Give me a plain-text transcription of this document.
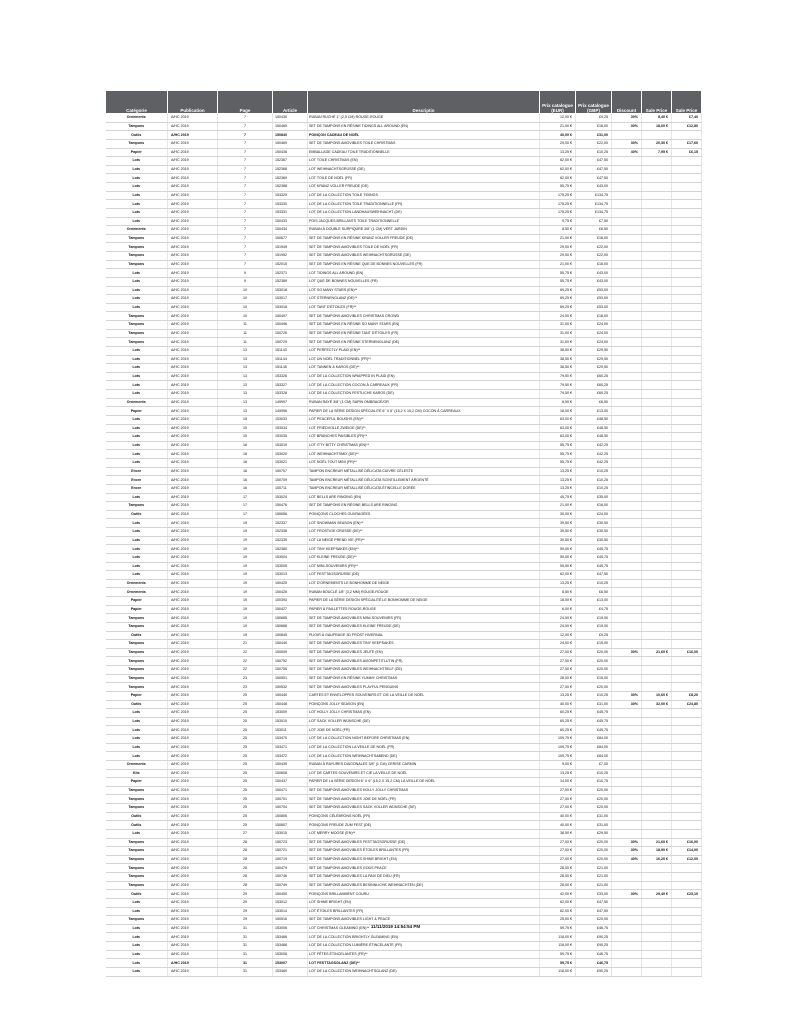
Catégorie	Publication	Page	Article	Descriptio	Prix catalogue (EUR)	Prix catalogue (GBP)	Discount	Sale Price	Sale Price
Ornements	A/HC 2019	7	150435	RUBAN RUCHÉ 1" (2,5 CM) ROUGE-ROUGE	12,00 €	£9,25	30%	8,40 €	£7,40
Tampons	A/HC 2019	7	150465	SET DE TAMPONS EN RÉSINE TIDINGS ALL AROUND (EN)	21,00 €	£16,00	30%	18,60 €	£12,80
Outils	A/HC 2019	7	150840	POINÇON CADEAU DE NOËL	40,00 €	£31,00			
Tampons	A/HC 2019	7	150469	SET DE TAMPONS AMOVIBLES TOILE CHRISTMAS	29,00 €	£22,00	30%	20,30 €	£17,60
Papier	A/HC 2019	7	150436	EMBALLAGE CADEAU TOILE TRADITIONNELLE	13,25 €	£10,25	40%	7,95 €	£6,15
Lots	A/HC 2019	7	152367	LOT TOILE CHRISTMAS (EN)	62,00 €	£47,50			
Lots	A/HC 2019	7	152368	LOT WEIHNACHTSGRÜSSE (DE)	62,00 €	£47,50			
Lots	A/HC 2019	7	152369	LOT TOILE DE NOËL (FR)	62,00 €	£47,50			
Lots	A/HC 2019	7	152388	LOT KRANZ VOLLER FREUDE (DE)	55,75 €	£43,00			
Lots	A/HC 2019	7	153329	LOT DE LA COLLECTION TOILE TIDINGS	175,25 €	£134,75			
Lots	A/HC 2019	7	153330	LOT DE LA COLLECTION TOILE TRADITIONNELLE (FR)	175,25 €	£134,75			
Lots	A/HC 2019	7	153331	LOT DE LA COLLECTION LANDHAUSWEIHNACHT (DE)	175,25 €	£134,75			
Lots	A/HC 2019	7	150433	POIS JACQUES BRILLANTS TOILE TRADITIONNELLE	9,75 €	£7,50			
Ornements	A/HC 2019	7	150434	RUBAN À DOUBLE SURPIQÛRE 3/8" (1 CM) VERT JARDIN	8,50 €	£6,50			
Tampons	A/HC 2019	7	150677	SET DE TAMPONS EN RÉSINE KRANZ VOLLER FREUDE (DE)	21,00 €	£16,00			
Tampons	A/HC 2019	7	151949	SET DE TAMPONS AMOVIBLES TOILE DE NOËL (FR)	29,00 €	£22,00			
Tampons	A/HC 2019	7	151952	SET DE TAMPONS AMOVIBLES WEIHNACHTSGRÜSSE (DE)	29,00 €	£22,00			
Tampons	A/HC 2019	7	152015	SET DE TAMPONS EN RÉSINE QUE DE BONNES NOUVELLES (FR)	21,00 €	£16,00			
Lots	A/HC 2019	9	152371	LOT TIDINGS ALL AROUND (EN)	55,75 €	£43,00			
Lots	A/HC 2019	9	152389	LOT QUE DE BONNES NOUVELLES (FR)	55,75 €	£43,00			
Lots	A/HC 2019	10	153018	LOT SO MANY STARS (EN)**	69,25 €	£53,00			
Lots	A/HC 2019	10	153017	LOT STERNENGLANZ (DE)**	69,25 €	£53,00			
Lots	A/HC 2019	10	153018	LOT TANT D'ÉTOILES (FR)**	69,25 €	£53,00			
Tampons	A/HC 2019	10	150497	SET DE TAMPONS AMOVIBLES CHRISTMAS CROWD	24,00 €	£18,00			
Tampons	A/HC 2019	11	150496	SET DE TAMPONS EN RÉSINE SO MANY STARS (EN)	31,00 €	£24,00			
Tampons	A/HC 2019	11	150726	SET DE TAMPONS EN RÉSINE TANT D'ÉTOILES (FR)	31,00 €	£24,00			
Tampons	A/HC 2019	11	150729	SET DE TAMPONS EN RÉSINE STERNENGLANZ (DE)	31,00 €	£24,00			
Lots	A/HC 2019	13	151143	LOT PERFECTLY PLAID (EN)**	38,50 €	£29,50			
Lots	A/HC 2019	13	151144	LOT UN NOËL TRADITIONNEL (FR)**	38,50 €	£29,50			
Lots	A/HC 2019	13	151145	LOT TANNEN & KAROS (DE)**	38,50 €	£29,50			
Lots	A/HC 2019	13	153326	LOT DE LA COLLECTION WRAPPED IN PLAID (EN)	79,50 €	£60,25			
Lots	A/HC 2019	13	153327	LOT DE LA COLLECTION COCON À CARREAUX (FR)	79,50 €	£60,25			
Lots	A/HC 2019	13	153328	LOT DE LA COLLECTION FESTLICHE KAROS (DE)	79,50 €	£60,25			
Ornements	A/HC 2019	13	149997	RUBAN RAYÉ 3/8" (1 CM) SAPIN OMBRAGÉ/OR	8,50 €	£6,50			
Papier	A/HC 2019	13	149996	PAPIER DE LA SÉRIE DESIGN SPÉCIALITÉ 6" X 6" (15,2 X 15,2 CM) COCON À CARREAUX	18,00 €	£13,00			
Lots	A/HC 2019	15	153033	LOT PEACEFUL BOUGHS (EN)**	63,00 €	£48,50			
Lots	A/HC 2019	15	153034	LOT FRIEDVOLLE ZWEIGE (DE)**	63,00 €	£48,50			
Lots	A/HC 2019	15	153035	LOT BRANCHES PAISIBLES (FR)**	63,00 €	£48,50			
Lots	A/HC 2019	16	153019	LOT ITTY BITTY CHRISTMAS (EN)**	55,75 €	£42,25			
Lots	A/HC 2019	16	153020	LOT WEIHNACHTSMIX (DE)**	55,75 €	£42,25			
Lots	A/HC 2019	16	153021	LOT NOËL TOUT MINI (FR)**	55,75 €	£42,25			
Encre	A/HC 2019	16	150707	TAMPON ENCREUR MÉTALLISÉ DÉLICATA CUIVRE CÉLESTE	13,25 €	£10,25			
Encre	A/HC 2019	16	150709	TAMPON ENCREUR MÉTALLISÉ DÉLICATA SCINTILLEMENT ARGENTÉ	13,25 €	£10,25			
Encre	A/HC 2019	16	150711	TAMPON ENCREUR MÉTALLISÉ DÉLICATA ÉTINCELLE DORÉE	13,25 €	£10,25			
Lots	A/HC 2019	17	153024	LOT BELLS ARE RINGING (EN)	45,75 €	£35,00			
Tampons	A/HC 2019	17	150476	SET DE TAMPONS EN RÉSINE BELLS ARE RINGING	21,00 €	£16,00			
Outils	A/HC 2019	17	150656	POINÇONS CLOCHES OUVRAGÉES	30,00 €	£24,00			
Lots	A/HC 2019	19	152337	LOT SNOWMAN SEASON (EN)**	39,50 €	£30,50			
Lots	A/HC 2019	19	152338	LOT FROSTIGE GRÜSSE (DE)**	39,50 €	£30,50			
Lots	A/HC 2019	19	152339	LOT LA NEIGE PREND VIE (FR)**	39,50 €	£30,50			
Lots	A/HC 2019	19	152380	LOT TINY KEEPSAKES (EN)**	59,50 €	£45,75			
Lots	A/HC 2019	19	153004	LOT KLEINE FREUDE (DE)**	59,50 €	£45,75			
Lots	A/HC 2019	19	153005	LOT MINI-SOUVENIRS (FR)**	59,50 €	£45,75			
Lots	A/HC 2019	19	153013	LOT FESTTAGSGRÜSSE (DE)	62,00 €	£47,50			
Ornements	A/HC 2019	19	150425	LOT D'ORNEMENTS LE BONHOMME DE NEIGE	13,25 €	£10,25			
Ornements	A/HC 2019	19	150426	RUBAN BOUCLÉ 1/8" (3,2 MM) ROUGE-ROUGE	8,50 €	£6,50			
Papier	A/HC 2019	19	150393	PAPIER DE LA SÉRIE DESIGN SPÉCIALITÉ LE BONHOMME DE NEIGE	18,00 €	£13,00			
Papier	A/HC 2019	19	150427	PAPIER À PAILLETTES ROUGE-ROUGE	6,00 €	£4,75			
Tampons	A/HC 2019	19	150685	SET DE TAMPONS AMOVIBLES MINI-SOUVENIRS (FR)	24,00 €	£19,00			
Tampons	A/HC 2019	19	150688	SET DE TAMPONS AMOVIBLES KLEINE FREUDE (DE)	24,00 €	£19,00			
Outils	A/HC 2019	19	150845	PLIOIR À GAUFRAGE 3D FROST HIVERNAL	12,00 €	£9,25			
Tampons	A/HC 2019	21	150440	SET DE TAMPONS AMOVIBLES TINY KEEPSAKES	24,00 €	£19,00			
Tampons	A/HC 2019	22	150509	SET DE TAMPONS AMOVIBLES JEUTE (EN)	27,00 €	£20,00	30%	21,60 €	£16,00
Tampons	A/HC 2019	22	150752	SET DE TAMPONS AMOVIBLES AVIONPETITLUTIN (FR)	27,00 €	£20,00			
Tampons	A/HC 2019	22	150755	SET DE TAMPONS AMOVIBLES WEIHNACHTSELF (DE)	27,00 €	£20,00			
Tampons	A/HC 2019	23	150501	SET DE TAMPONS EN RÉSINE YUMMY CHRISTMAS	28,00 €	£15,00			
Tampons	A/HC 2019	23	150532	SET DE TAMPONS AMOVIBLES PLAYFUL PENGUINS	27,00 €	£20,00			
Papier	A/HC 2019	25	150440	CARTES ET ENVELOPPES SOUVENIRS ET CIE LA VEILLE DE NOËL	13,25 €	£10,25	30%	10,60 €	£8,20
Outils	A/HC 2019	25	150448	POINÇONS JOLLY SEASON (EN)	40,00 €	£31,00	30%	32,00 €	£24,80
Lots	A/HC 2019	25	153009	LOT HOLLY JOLLY CHRISTMAS (EN)	60,25 €	£45,75			
Lots	A/HC 2019	25	153010	LOT SACK VOLLER WÜNSCHE (DE)	60,25 €	£45,75			
Lots	A/HC 2019	25	153011	LOT JOIE DE NOËL (FR)	60,25 €	£45,75			
Lots	A/HC 2019	25	153470	LOT DE LA COLLECTION NIGHT BEFORE CHRISTMAS (EN)	109,75 €	£84,00			
Lots	A/HC 2019	25	153471	LOT DE LA COLLECTION LA VEILLE DE NOËL (FR)	109,75 €	£84,00			
Lots	A/HC 2019	25	153472	LOT DE LA COLLECTION WEIHNACHTSABEND (DE)	109,75 €	£84,00			
Ornements	A/HC 2019	25	150439	RUBAN À RAYURES DIAGONALES 3/8" (1 CM) CERISE CARMIN	9,00 €	£7,00			
Kits	A/HC 2019	25	150808	LOT DE CARTES SOUVENIRS ET CIE LA VEILLE DE NOËL	13,25 €	£10,25			
Papier	A/HC 2019	25	150437	PAPIER DE LA SÉRIE DESIGN 6" X 6" (15,2 X 15,2 CM) LA VEILLE DE NOËL	14,00 €	£10,75			
Tampons	A/HC 2019	25	150471	SET DE TAMPONS AMOVIBLES HOLLY JOLLY CHRISTMAS	27,00 €	£20,00			
Tampons	A/HC 2019	25	150701	SET DE TAMPONS AMOVIBLES JOIE DE NOËL (FR)	27,00 €	£20,00			
Tampons	A/HC 2019	25	150704	SET DE TAMPONS AMOVIBLES SACK VOLLER WÜNSCHE (DE)	27,00 €	£20,00			
Outils	A/HC 2019	25	150806	POINÇONS CÉLÉBRONS NOËL (FR)	40,00 €	£31,00			
Outils	A/HC 2019	25	150807	POINÇONS FREUDE ZUM FEST (DE)	40,00 €	£31,00			
Lots	A/HC 2019	27	153015	LOT MERRY MOOSE (EN)**	38,50 €	£29,50			
Tampons	A/HC 2019	28	150723	SET DE TAMPONS AMOVIBLES FESTTAGSGRÜSSE (DE)	27,00 €	£20,00	30%	21,60 €	£16,00
Tampons	A/HC 2019	28	150721	SET DE TAMPONS AMOVIBLES ÉTOILES BRILLANTES (FR)	27,00 €	£20,00	30%	18,90 €	£14,00
Tampons	A/HC 2019	28	150719	SET DE TAMPONS AMOVIBLES SHINE BRIGHT (EN)	27,00 €	£20,00	40%	16,20 €	£12,00
Tampons	A/HC 2019	28	150479	SET DE TAMPONS AMOVIBLES GODS PEACE	28,00 €	£21,00			
Tampons	A/HC 2019	28	150746	SET DE TAMPONS AMOVIBLES LA PAIX DE DIEU (FR)	28,00 €	£21,00			
Tampons	A/HC 2019	28	150749	SET DE TAMPONS AMOVIBLES BESINNLICHE WEIHNACHTEN (DE)	28,00 €	£21,00			
Outils	A/HC 2019	29	150450	POINÇONS BRILLAMMENT COURU	42,00 €	£33,00	30%	29,40 €	£23,10
Lots	A/HC 2019	29	153012	LOT SHINE BRIGHT (EN)	62,00 €	£47,50			
Lots	A/HC 2019	29	153014	LOT ÉTOILES BRILLANTES (FR)	62,00 €	£47,50			
Tampons	A/HC 2019	29	150516	SET DE TAMPONS AMOVIBLES LIGHT & PEACE	25,00 €	£20,00			
Lots	A/HC 2019	31	153006	LOT CHRISTMAS GLEAMING (EN)**	59,75 €	£46,75			
Lots	A/HC 2019	31	153466	LOT DE LA COLLECTION BRIGHTLY GLEAMING (EN)	118,00 €	£90,25			
Lots	A/HC 2019	31	153468	LOT DE LA COLLECTION LUMIÈRE ÉTINCELANTE (FR)	118,00 €	£90,25			
Lots	A/HC 2019	31	153008	LOT FÊTES ÉTINCELANTES (FR)**	59,75 €	£46,75			
Lots	A/HC 2019	31	153007	LOT FESTTAGSGLANZ (DE)**	59,75 €	£46,75			
Lots	A/HC 2019	31	153469	LOT DE LA COLLECTION WEIHNACHTSGLANZ (DE)	118,00 €	£90,25			
11/11/2019 14:54:54 PM
